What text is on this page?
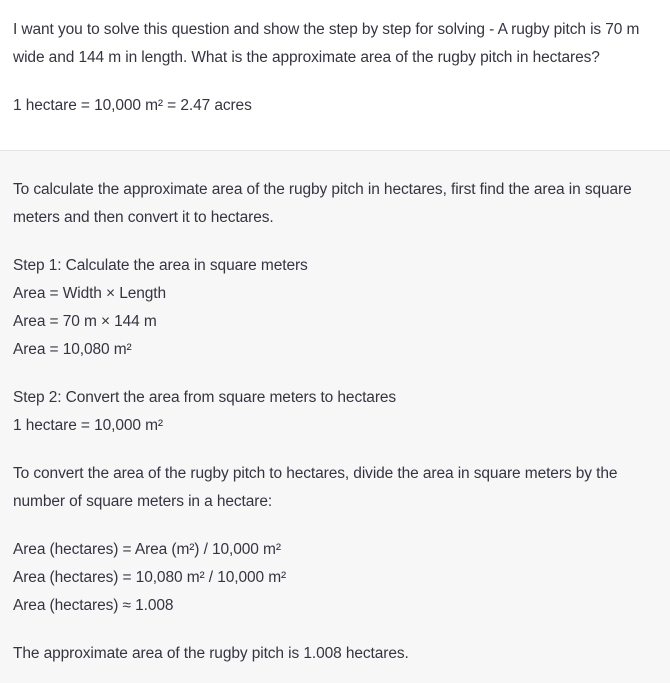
I want you to solve this question and show the step by step for solving - A rugby pitch is 70 m wide and 144 m in length. What is the approximate area of the rugby pitch in hectares?

1 hectare = 10,000 m² = 2.47 acres

To calculate the approximate area of the rugby pitch in hectares, first find the area in square meters and then convert it to hectares.

Step 1: Calculate the area in square meters

Area = Width × Length

Area = 70 m × 144 m

Area = 10,080 m²

Step 2: Convert the area from square meters to hectares

1 hectare = 10,000 m²

To convert the area of the rugby pitch to hectares, divide the area in square meters by the number of square meters in a hectare:

Area (hectares) = Area (m²) / 10,000 m²

Area (hectares) = 10,080 m² / 10,000 m²

Area (hectares) ≈ 1.008

The approximate area of the rugby pitch is 1.008 hectares.
